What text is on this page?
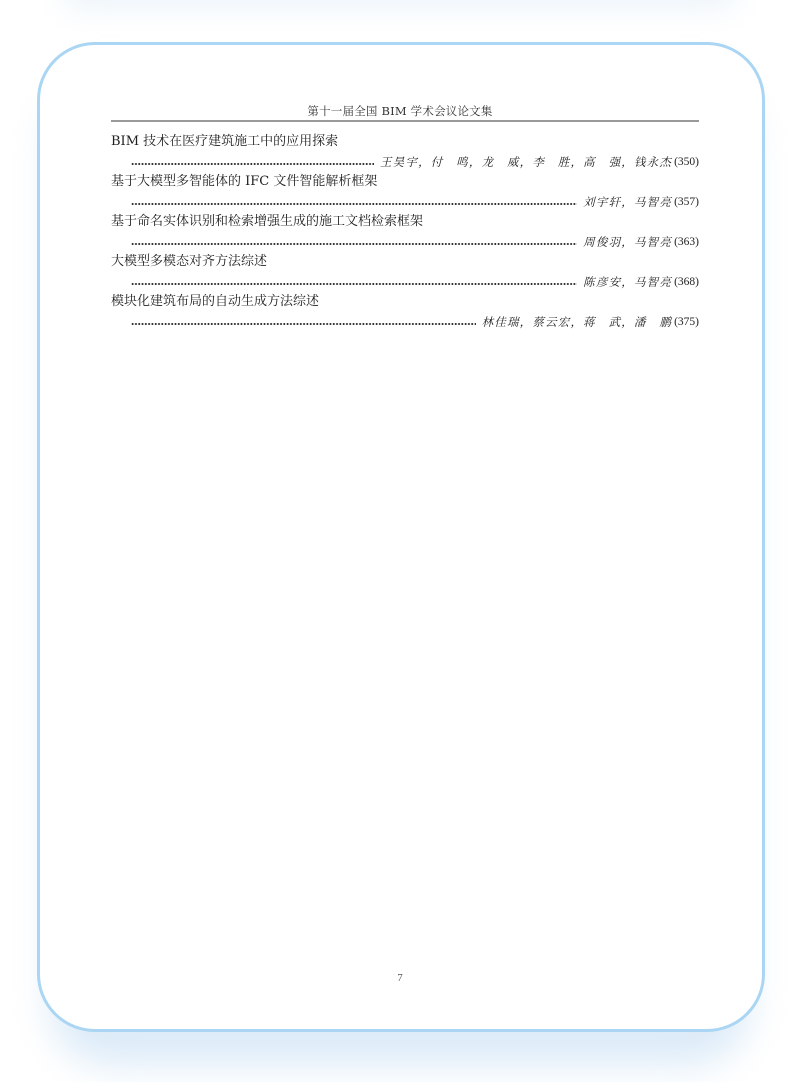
第十一届全国 BIM 学术会议论文集
BIM 技术在医疗建筑施工中的应用探索
王昊宇，付　鸣，龙　威，李　胜，高　强，钱永杰 (350)
基于大模型多智能体的 IFC 文件智能解析框架
刘宇轩，马智亮 (357)
基于命名实体识别和检索增强生成的施工文档检索框架
周俊羽，马智亮 (363)
大模型多模态对齐方法综述
陈彦安，马智亮 (368)
模块化建筑布局的自动生成方法综述
林佳瑞，蔡云宏，蒋　武，潘　鹏 (375)
7
